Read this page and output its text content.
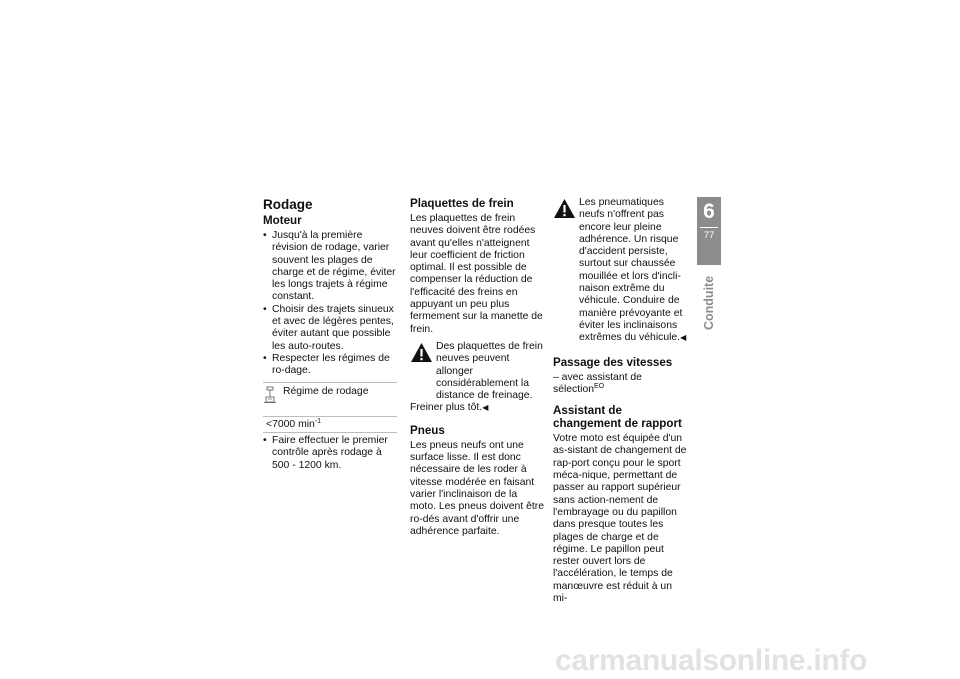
Rodage
Moteur
• Jusqu'à la première révision de rodage, varier souvent les plages de charge et de régime, éviter les longs trajets à régime constant.
• Choisir des trajets sinueux et avec de légères pentes, éviter autant que possible les auto-routes.
• Respecter les régimes de ro-dage.
Régime de rodage
<7000 $\min^{-1}$
• Faire effectuer le premier contrôle après rodage à 500 - 1200 km.
Plaquettes de frein

Les plaquettes de frein neuves doivent être rodées avant qu'elles n'atteignent leur coefficient de friction optimal. Il est possible de compenser la réduction de l'efficacité des freins en appuyant un peu plus fermement sur la manette de frein.

Des plaquettes de frein neuves peuvent allonger considérablement la distance de freinage.

Freiner plus tôt.◀

Pneus

Les pneus neufs ont une surface lisse. Il est donc nécessaire de les roder à vitesse modérée en faisant varier l'inclinaison de la moto. Les pneus doivent être ro-dés avant d'offrir une adhérence parfaite.

Les pneumatiques neufs n'offrent pas encore leur pleine adhérence. Un risque d'accident persiste, surtout sur chaussée mouillée et lors d'incli-naison extrême du véhicule. Conduire de manière prévoyante et éviter les inclinaisons extrêmes du véhicule.◀

Passage des vitesses

– avec assistant de sélection$^{EO}$

Assistant de changement de rapport

Votre moto est équipée d'un as-sistant de changement de rap-port conçu pour le sport méca-nique, permettant de passer au rapport supérieur sans action-nement de l'embrayage ou du papillon dans presque toutes les plages de charge et de régime. Le papillon peut rester ouvert lors de l'accélération, le temps de manœuvre est réduit à un mi-

6
77
Conduite
carmanualsonline.info
